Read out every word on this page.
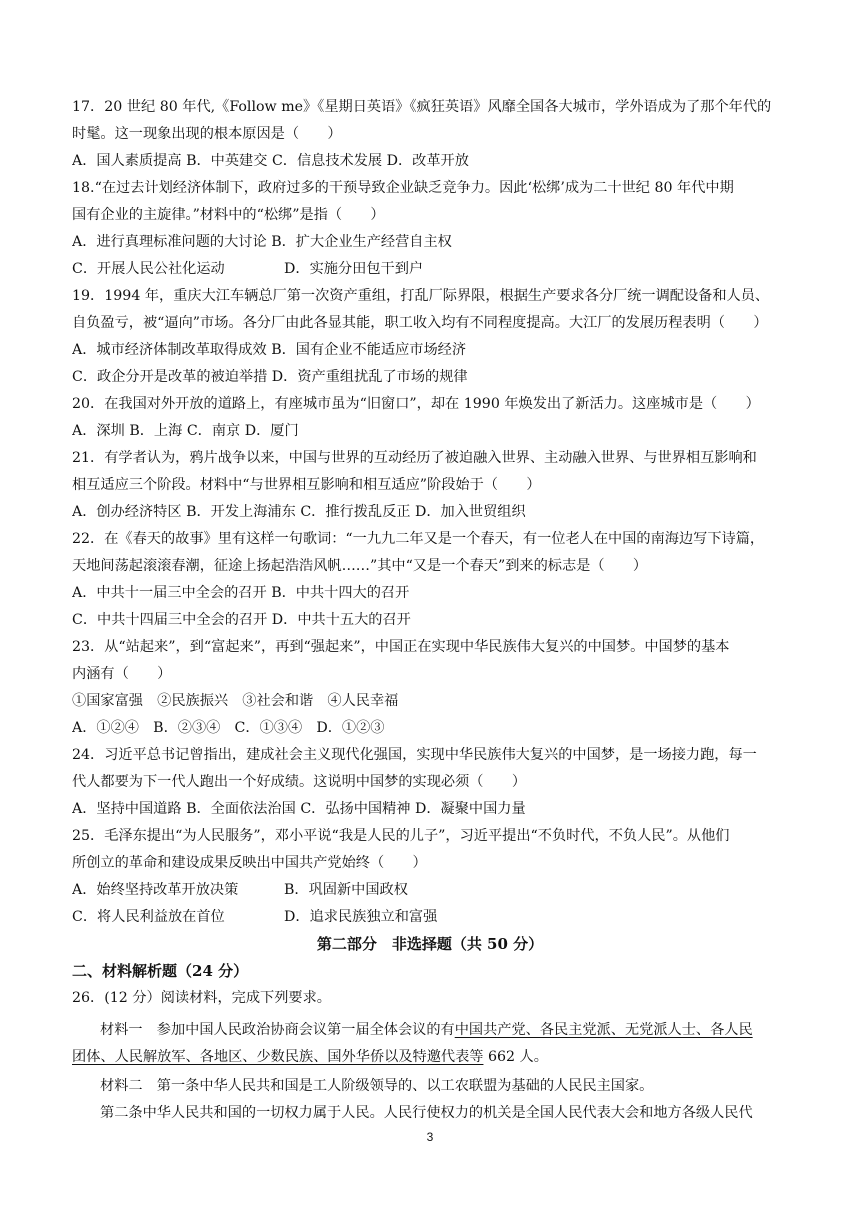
17．20 世纪 80 年代,《Follow me》《星期日英语》《疯狂英语》风靡全国各大城市，学外语成为了那个年代的
时髦。这一现象出现的根本原因是（　　）
A．国人素质提高 B．中英建交 C．信息技术发展 D．改革开放
18.“在过去计划经济体制下，政府过多的干预导致企业缺乏竞争力。因此‘松绑’成为二十世纪 80 年代中期
国有企业的主旋律。”材料中的“松绑”是指（　　）
A．进行真理标准问题的大讨论 B．扩大企业生产经营自主权
C．开展人民公社化运动	D．实施分田包干到户
19．1994 年，重庆大江车辆总厂第一次资产重组，打乱厂际界限，根据生产要求各分厂统一调配设备和人员、
自负盈亏，被“逼向”市场。各分厂由此各显其能，职工收入均有不同程度提高。大江厂的发展历程表明（　　）
A．城市经济体制改革取得成效 B．国有企业不能适应市场经济
C．政企分开是改革的被迫举措 D．资产重组扰乱了市场的规律
20．在我国对外开放的道路上，有座城市虽为“旧窗口”，却在 1990 年焕发出了新活力。这座城市是（　　）
A．深圳 B．上海 C．南京 D．厦门
21．有学者认为，鸦片战争以来，中国与世界的互动经历了被迫融入世界、主动融入世界、与世界相互影响和
相互适应三个阶段。材料中“与世界相互影响和相互适应”阶段始于（　　）
A．创办经济特区 B．开发上海浦东 C．推行拨乱反正 D．加入世贸组织
22．在《春天的故事》里有这样一句歌词：“一九九二年又是一个春天，有一位老人在中国的南海边写下诗篇，
天地间荡起滚滚春潮，征途上扬起浩浩风帆……”其中“又是一个春天”到来的标志是（　　）
A．中共十一届三中全会的召开 B．中共十四大的召开
C．中共十四届三中全会的召开 D．中共十五大的召开
23．从“站起来”，到“富起来”，再到“强起来”，中国正在实现中华民族伟大复兴的中国梦。中国梦的基本
内涵有（　　）
①国家富强　②民族振兴　③社会和谐　④人民幸福
A．①②④　B．②③④　C．①③④　D．①②③
24．习近平总书记曾指出，建成社会主义现代化强国，实现中华民族伟大复兴的中国梦，是一场接力跑，每一
代人都要为下一代人跑出一个好成绩。这说明中国梦的实现必须（　　）
A．坚持中国道路 B．全面依法治国 C．弘扬中国精神 D．凝聚中国力量
25．毛泽东提出“为人民服务”，邓小平说“我是人民的儿子”，习近平提出“不负时代，不负人民”。从他们
所创立的革命和建设成果反映出中国共产党始终（　　）
A．始终坚持改革开放决策	B．巩固新中国政权
C．将人民利益放在首位	D．追求民族独立和富强
第二部分　非选择题（共 50 分）
二、材料解析题（24 分）
26．(12 分）阅读材料，完成下列要求。
材料一　参加中国人民政治协商会议第一届全体会议的有中国共产党、各民主党派、无党派人士、各人民
团体、人民解放军、各地区、少数民族、国外华侨以及特邀代表等 662 人。
材料二　第一条中华人民共和国是工人阶级领导的、以工农联盟为基础的人民民主国家。
第二条中华人民共和国的一切权力属于人民。人民行使权力的机关是全国人民代表大会和地方各级人民代
3
